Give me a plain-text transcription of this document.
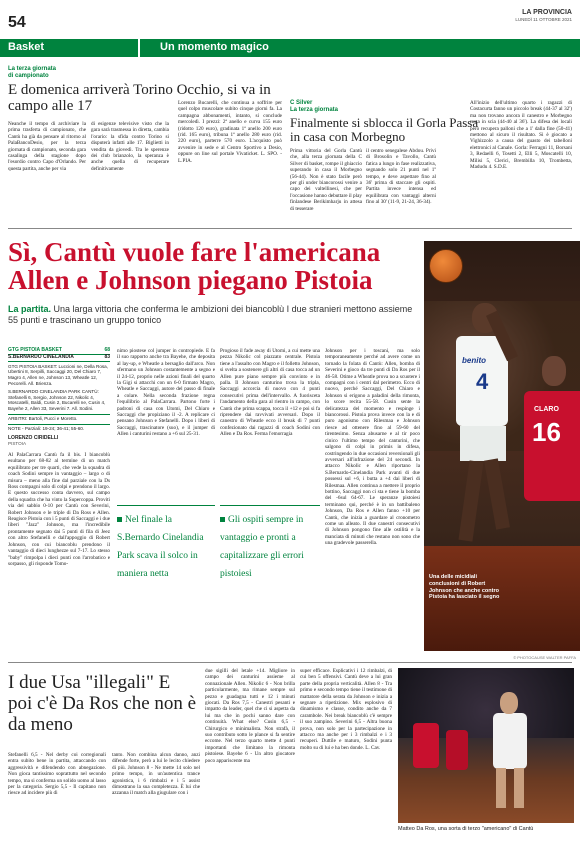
54
LA PROVINCIA
LUNEDÌ 11 OTTOBRE 2021
Basket	Un momento magico
La terza giornata
di campionato
E domenica arriverà Torino Occhio, si va in campo alle 17
Neanche il tempo di archiviare la prima trasferta di campionato, che Cantù ha già da pensare al ritorno al PalaBancoDesio, per la terza giornata di campionato, seconda gara casalinga della stagione dopo l'esordio contro Capo d'Orlando. Per questa partita, anche per via
di esigenze televisive visto che la gara sarà trasmessa in diretta, cambia l'orario: la sfida contro Torino si disputerà infatti alle 17. Biglietti in vendita da giovedì. Tra le sperenze dei club brianzolo, la speranza è anche quella di recuperare definitivamente
Lorenzo Bucarelli, che continua a soffrire per quel colpo muscolare subito cinque giorni fa. La campagna abbonamenti, intanto, si conclude mercoledì. I prezzi: 2ª anello e curva 155 euro (ridotto 120 euro), gradinata 1ª anello 200 euro (rid. 165 euro), tribuna 1ª anello 280 euro (rid. 220 euro), parterre 570 euro. L'acquisto può avvenire in sede e al Centro Sportivo a Desio, oppure on line sul portale Vivaticket. L. SPO. - L.PIA.
C Silver
La terza giornata
Finalmente si sblocca il Gorla Passa in casa con Morbegno
Prima vittoria del Gorla Cantù che, alla terza giornata della C Silver di basket, rompe il ghiaccio superando in casa il Morbegno (56-44). Non è stato facile però per gli under biancorossi venire a capo dei valtellinesi, che per l'occasione hanno debuttare il play finlandese Berikimharju in attesa di tesserare
il centro senegalese Abdou. Privi di Brosolin e Tavollo, Cantù fatica a lungo in fase realizzativa, segnando solo 21 punti nel 1º tempo, e deve aspettare fino al 36' prima di staccare gli ospiti. Partita invece intensa ed equilibrata con vantaggi alterni fino al 30' (11-9, 21-24, 36-34).
All'inizio dell'ultimo quarto i ragazzi di Costacurta fanno un piccolo break (44-37 al 32') ma non trovano ancora il canestro e Morbegno resta in scia (44-40 al 36'). La difesa dei locali però recupera palloni che a 1' dalla fine (50-41) mettono al sicuro il risultato. Si è giocato a Vighizzolo a causa del guasto dei tabelloni elettronici al Canale. Gorla: Ferragni 11, Borsani 3, Redaelli 6, Tosetti 2, Elli 5, Moscatelli 10, Milisi 5, Clerici, Brembilla 10, Trombetta, Madudu 4. S.D.E.
Sì, Cantù vuole fare l'americana
Allen e Johnson piegano Pistoia
La partita. Una larga vittoria che conferma le ambizioni dei biancoblù I due stranieri mettono assieme 55 punti e trascinano un gruppo tonico
GTG PISTOIA BASKET	68
S.BERNARDO CINELANDIA	83
GTG PISTOIA BASKET: Luccioni ne, Della Rosa, Ubertini 8, Serpilli, Saccaggi 20, Del Chiaro 7, Magro 4, Allen ne, Johnson 13, Wheatle 12, Pecorelli. All. Brienza.
S.BERNARDO CINELANDIA PARK CANTÙ: Stefanelli 6, Sergio, Johnson 22, Nikolic 4, Moscatelli, Baldi, Cusin 2, Bucarelli ne, Cusin 4, Bayehe 2, Allen 33, Severini 7. All. Sodini.
ARBITRI: Bartoli, Pucci e Moretto.
NOTE - Parziali: 19-24; 36-41; 55-60.
LORENZO CIRIDELLI
PISTOIA
Al PalaCarrara Cantù fa il bis. I biancoblù esultano per 68-82 al termine di un match equilibrato per tre quarti, che vede la squadra di coach Sodini sempre in vantaggio – largo o di misura – meno alla fine dal parziale con la Ds Ross compagni solo di colpi e prendono il largo. E questo successo conta davvero, sul campo della squadra che ha vinto la Supercoppa. Proviti via del sabbio 0-10 per Cantù con Severini, Robert Johnson e le triple di Da Ross e Allen. Reagisce Pistoia con i 5 punti di Saccaggi e i due liberi "Jazz" Johnson, ma l'incredibile prontamente segnato dai 5 punti di fila di Jeez con altro Stefanelli e dall'appoggio di Robert Johnson, con cui biancoblu prendono il vantaggio di dieci lunghezze sul 7-17. Lo stesso "baby" rimpolpa i dieci punti con l'arrobatico e sorpasso, gli risponde Tomo-
nimo piostese col jumper in contropiede. E fa il suo rapporto anche tra Bayehe, che deposita al lay-up, e Wheatle a bersaglio dall'arco. Non sfermano un Johnson costantemente a segno e il 24-12, proprio nelle azioni finali del quarto la Gigi si attacchi con un 6-0 firmato Magro, Wheatle e Saccaggi, autore del passo di finale a colare. Nella seconda frazione regna l'equilibrio al PalaCarrara. Partono forte i padroni di casa con Utomi, Del Chiaro e Saccaggi che propiziano il -2. A replicare ci pensano Johnson e Stefanelli. Dopo i liberi di Saccaggi, trascinatore (suo), e il jumper di Allen i canturini restano a +6 sul 25-31.
Nel finale la S.Bernardo Cinelandia Park scava il solco in maniera netta
Progioso il fade away di Utomi, a cui mette una pezza Nikolic col piazzato centrale. Pistoia tiene a l'assalto con Magro e il folletto Johnson, si svelta a sostenere gli altri di casa tocca ad un Allen pure piano sempre più convinto e in palla. Il Johnson canturino trova la tripla, Saccaggi accorcia di nuovo con 4 punti consecutivi prima dell'intervallo. A fuorisceta l'andamento della gara al rientro in campo, con Cantù che prima scappa, tocca il +12 e poi si fa riprendere dai ravvivati avversari. Dopo il canestro di Wheatle ecco il break di 7 punti confezionato dai ragazzi di coach Sodini con Allen e Da Ros. Ferma l'emorragia
Gli ospiti sempre in vantaggio e pronti a capitalizzare gli errori pistoiesi
Johnson per i toscani, ma solo temporaneamente perché ad avere come un tornado la folata di Cantù: Allen, bomba di Severini e gioco da tre punti di Da Ros per il 46-58. Otime a Wheatle prova no a scuotere i compagni con i centri dal perimetro. Ecco di nuovo, perché Saccaggi, Del Chiaro e Johnson si erigono a paladini della rimonta, lo score recita 55-58. Cusin sente la delicatezza del momento e respinge i biancorossi. Pistoia prova invece con la e di puro agonismo con Rilesmaa e Johnson riesce ad ottenere fino al 59-60 del tirentesimo. Senza abusarne e al tir poco cinico l'ultimo tempo del canturini, che salgono di colpi in primis in difesa, costringendo in due occasioni reversionali gli avversari all'infrazione del 24 secondi. In attacco Nikolic e Allen riportano la S.Bernardo-Cinelandia Park avanti di due possessi sul +6, i butta a +4 dai liberi di Rilesmaa. Allen continua a mettere il proprio bottino, Saccaggi non ci sta e tiene la bomba del -6sul 64-67. Le speranze pistoiesi terminano qui, perché è in un battibaleno Johnson, Da Ros e Allen fanno +10 per Cantù, che inizia a guardare al cronometro come un alleato. Il due canestri consecutivi di Johnson pongono fine alle ostilità e la manciata di minuti che restano non sono che una gradevole passerella.
benito
4
CLARO
16
Una delle micidiali conclusioni di Robert Johnson che anche contro Pistoia ha lasciato il segno
© PHOTOCAUSE WALTER PAFFA
I due Usa "illegali" E poi c'è Da Ros che non è da meno
Stefanelli 6,5 - Nel derby coi corregionali entra subito bene in partita, attaccando con aggressività e difendendo con abnegazione. Non gioca tantissimo soprattutto nel secondo tempo, ma si conferma un solido uomo al lasso per la categoria. Sergio 5,5 - Il capitano non riesce ad incidere più di
tanto. Non combina alcun danno, anzi difende forte, però a lui le lecito chiedere di più. Johnson 8 - Ne mette 14 solo nel primo tempo, in un'autentica trance agonistica, i 6 rimbalzi e i 5 assist dimostrano la sua completezza. È lui che azzanna il match alla giugulare con i
due sigilli del letale +14. Migliore in campo dei canturini assieme al connazionale Allen. Nikolic 6 - Non brilla particolarmente, ma rimane sempre sul pezzo e guadagna tutti e 12 i minuti giocati. Da Ros 7,5 - Canestri pesanti e impatto da leader, quel che ci si aspetta da lui ma che in pochi sanno dare con continuità. What else? Cusin 6,5 - Chirurgico e minimalista. Non strafà, il suo contributo sotto le plance si fa sentire eccome. Nel terzo quarto mette 4 punti importanti che limitano la rimonta pistoiese. Bayehe 6 - Un altro giocatore poco appariscente ma
super efficace. Esplicativi i 12 rimbalzi, di cui ben 5 offensivi. Cantù deve a lui gran parte della propria verticalità. Allen 8 - Tra primo e secondo tempo tiene il testimone di mattatore della serata da Johnson e inizia a segnare a ripetizione. Mix esplosivo di dinamismo e classe, condito anche da 7 carambole. Nei break biancoblù c'è sempre il suo zampino. Severini 6,5 - Altra buona prova, non solo per la partecipazione in attacco ma anche per i 3 rimbalzi e i 3 recuperi. Duttile e maturo, Sodini punta molto su di lui e ha ben donde. L. Cav.
Matteo Da Ros, una sorta di terzo "americano" di Cantù
